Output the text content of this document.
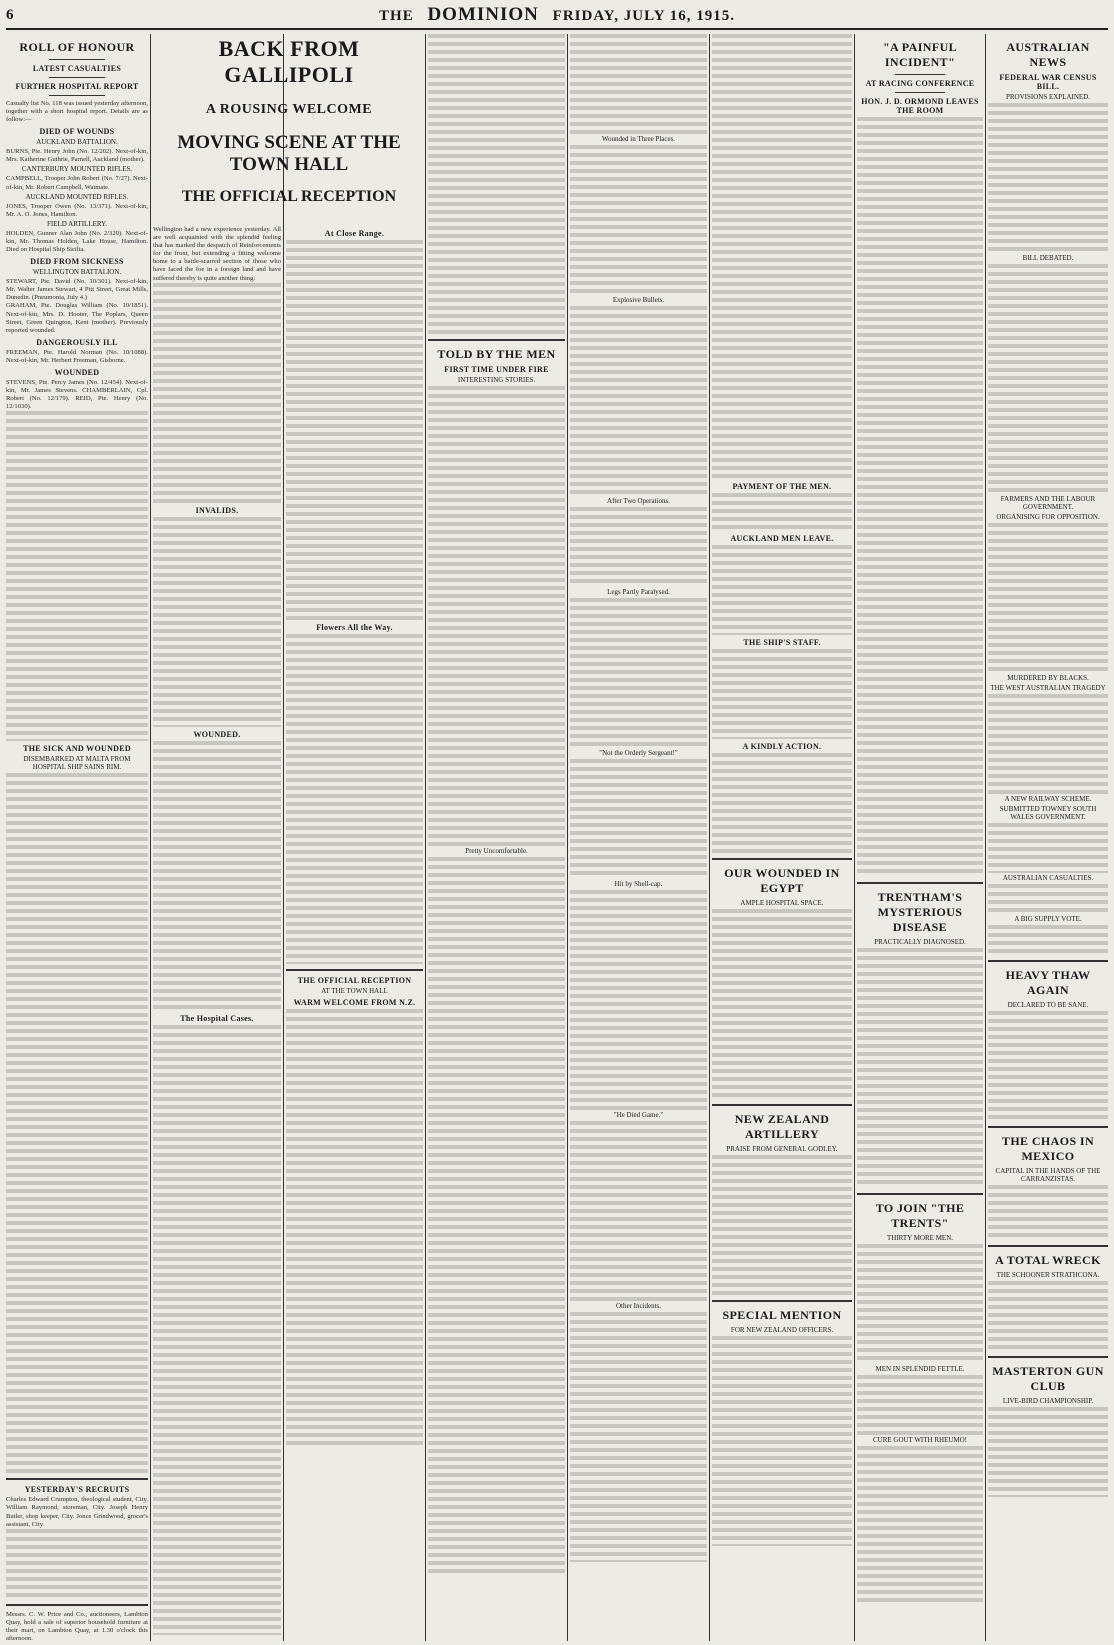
6	THE DOMINION FRIDAY, JULY 16, 1915.
ROLL OF HONOUR
LATEST CASUALTIES
FURTHER HOSPITAL REPORT
Casualty list No. 118 was issued yesterday afternoon, together with a short hospital report. Details are as follow:—
DIED OF WOUNDS
AUCKLAND BATTALION.
BURNS, Pte. Henry John (No. 12/202). Next-of-kin, Mrs. Katherine Guthrie, Parnell, Auckland (mother).
CANTERBURY MOUNTED RIFLES.
CAMPBELL, Trooper John Robert (No. 7/27). Next-of-kin, Mr. Robert Campbell, Waimate.
AUCKLAND MOUNTED RIFLES.
JONES, Trooper Owen (No. 13/371). Next-of-kin, Mr. A. O. Jones, Hamilton.
FIELD ARTILLERY.
HOLDEN, Gunner Alan John (No. 2/320). Next-of-kin, Mr. Thomas Holden, Lake House, Hamilton. Died on Hospital Ship Sicilia.
DIED FROM SICKNESS
WELLINGTON BATTALION.
STEWART, Pte. David (No. 10/301). Next-of-kin, Mr. Walter James Stewart, 4 Pitt Street, Great Mills, Dunedin. (Pneumonia, July 4.)
GRAHAM, Pte. Douglas William (No. 10/1851). Next-of-kin, Mrs. D. Hooter, The Poplars, Queen Street, Green Quington, Kent (mother). Previously reported wounded.
DANGEROUSLY ILL
FREEMAN, Pte. Harold Norman (No. 10/1088). Next-of-kin, Mr. Herbert Freeman, Gisborne.
WOUNDED
STEVENS, Pte. Percy James (No. 12/454). Next-of-kin, Mr. James Stevens. CHAMBERLAIN, Cpl. Robert (No. 12/179). REID, Pte. Henry (No. 12/1030).
THE SICK AND WOUNDED
DISEMBARKED AT MALTA FROM HOSPITAL SHIP SAINS RIM.
YESTERDAY'S RECRUITS
Charles Edward Crumpton, theological student, City. William Raymond, storeman, City. Joseph Henry Butler, shop keeper, City. Jonce Grindwood, grocer's assistant, City.
Messrs. C. W. Price and Co., auctioneers, Lambton Quay, hold a sale of superior household furniture at their mart, on Lambton Quay, at 1.30 o'clock this afternoon.
BACK FROM GALLIPOLI
A ROUSING WELCOME
MOVING SCENE AT THE TOWN HALL
THE OFFICIAL RECEPTION
Wellington had a new experience yesterday. All are well acquainted with the splendid feeling that has marked the despatch of Reinforcements for the front, but extending a fitting welcome home to a battle-scarred section of those who have faced the foe in a foreign land and have suffered thereby is quite another thing.
INVALIDS.
WOUNDED.
The Hospital Cases.
At Close Range.
Flowers All the Way.
THE OFFICIAL RECEPTION
AT THE TOWN HALL
WARM WELCOME FROM N.Z.
TOLD BY THE MEN
FIRST TIME UNDER FIRE
INTERESTING STORIES.
Pretty Uncomfortable.
Wounded in Three Places.
Explosive Bullets.
After Two Operations.
Legs Partly Paralysed.
"Not the Orderly Sergeant!"
Hit by Shell-cap.
"He Died Game."
Other Incidents.
PAYMENT OF THE MEN.
AUCKLAND MEN LEAVE.
THE SHIP'S STAFF.
A KINDLY ACTION.
OUR WOUNDED IN EGYPT
AMPLE HOSPITAL SPACE.
NEW ZEALAND ARTILLERY
PRAISE FROM GENERAL GODLEY.
SPECIAL MENTION
FOR NEW ZEALAND OFFICERS.
"A PAINFUL INCIDENT"
AT RACING CONFERENCE
HON. J. D. ORMOND LEAVES THE ROOM
TRENTHAM'S MYSTERIOUS DISEASE
PRACTICALLY DIAGNOSED.
TO JOIN "THE TRENTS"
THIRTY MORE MEN.
MEN IN SPLENDID FETTLE.
CURE GOUT WITH RHEUMO!
AUSTRALIAN NEWS
FEDERAL WAR CENSUS BILL.
PROVISIONS EXPLAINED.
BILL DEBATED.
FARMERS AND THE LABOUR GOVERNMENT.
ORGANISING FOR OPPOSITION.
MURDERED BY BLACKS.
THE WEST AUSTRALIAN TRAGEDY
A NEW RAILWAY SCHEME.
SUBMITTED TOWNEY SOUTH WALES GOVERNMENT.
AUSTRALIAN CASUALTIES.
A BIG SUPPLY VOTE.
HEAVY THAW AGAIN
DECLARED TO BE SANE.
THE CHAOS IN MEXICO
CAPITAL IN THE HANDS OF THE CARRANZISTAS.
A TOTAL WRECK
THE SCHOONER STRATHCONA.
MASTERTON GUN CLUB
LIVE-BIRD CHAMPIONSHIP.
